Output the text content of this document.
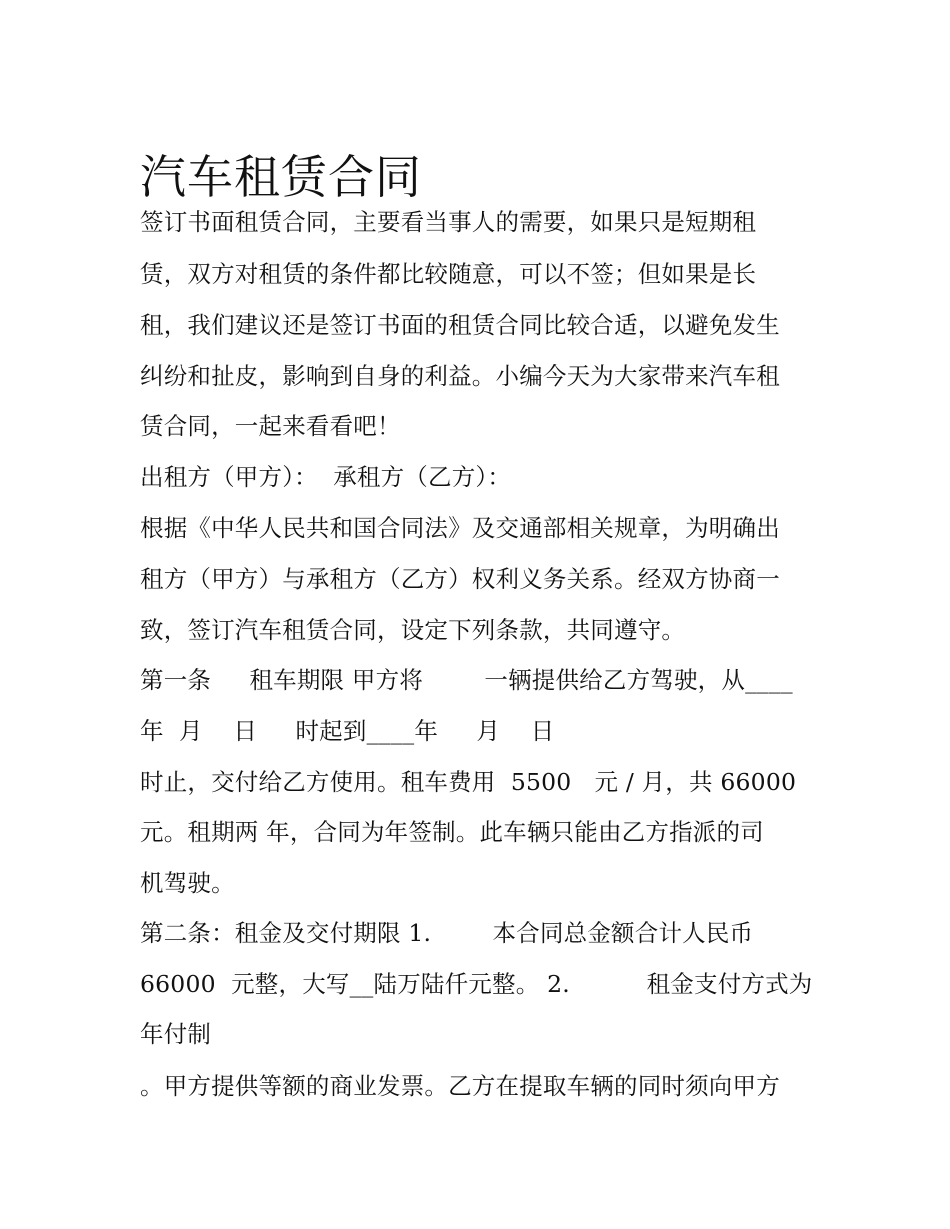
汽车租赁合同
签订书面租赁合同，主要看当事人的需要，如果只是短期租
赁，双方对租赁的条件都比较随意，可以不签；但如果是长
租，我们建议还是签订书面的租赁合同比较合适，以避免发生
纠纷和扯皮，影响到自身的利益。小编今天为大家带来汽车租
赁合同，一起来看看吧！
出租方（甲方）：  承租方（乙方）：
根据《中华人民共和国合同法》及交通部相关规章，为明确出
租方（甲方）与承租方（乙方）权利义务关系。经双方协商一
致，签订汽车租赁合同，设定下列条款，共同遵守。
第一条     租车期限 甲方将        一辆提供给乙方驾驶，从____
年  月    日     时起到____年     月    日
时止，交付给乙方使用。租车费用  5500   元 / 月，共 66000
元。租期两 年，合同为年签制。此车辆只能由乙方指派的司
机驾驶。
第二条：租金及交付期限 1.        本合同总金额合计人民币
66000  元整，大写__陆万陆仟元整。 2.          租金支付方式为
年付制
。甲方提供等额的商业发票。乙方在提取车辆的同时须向甲方
